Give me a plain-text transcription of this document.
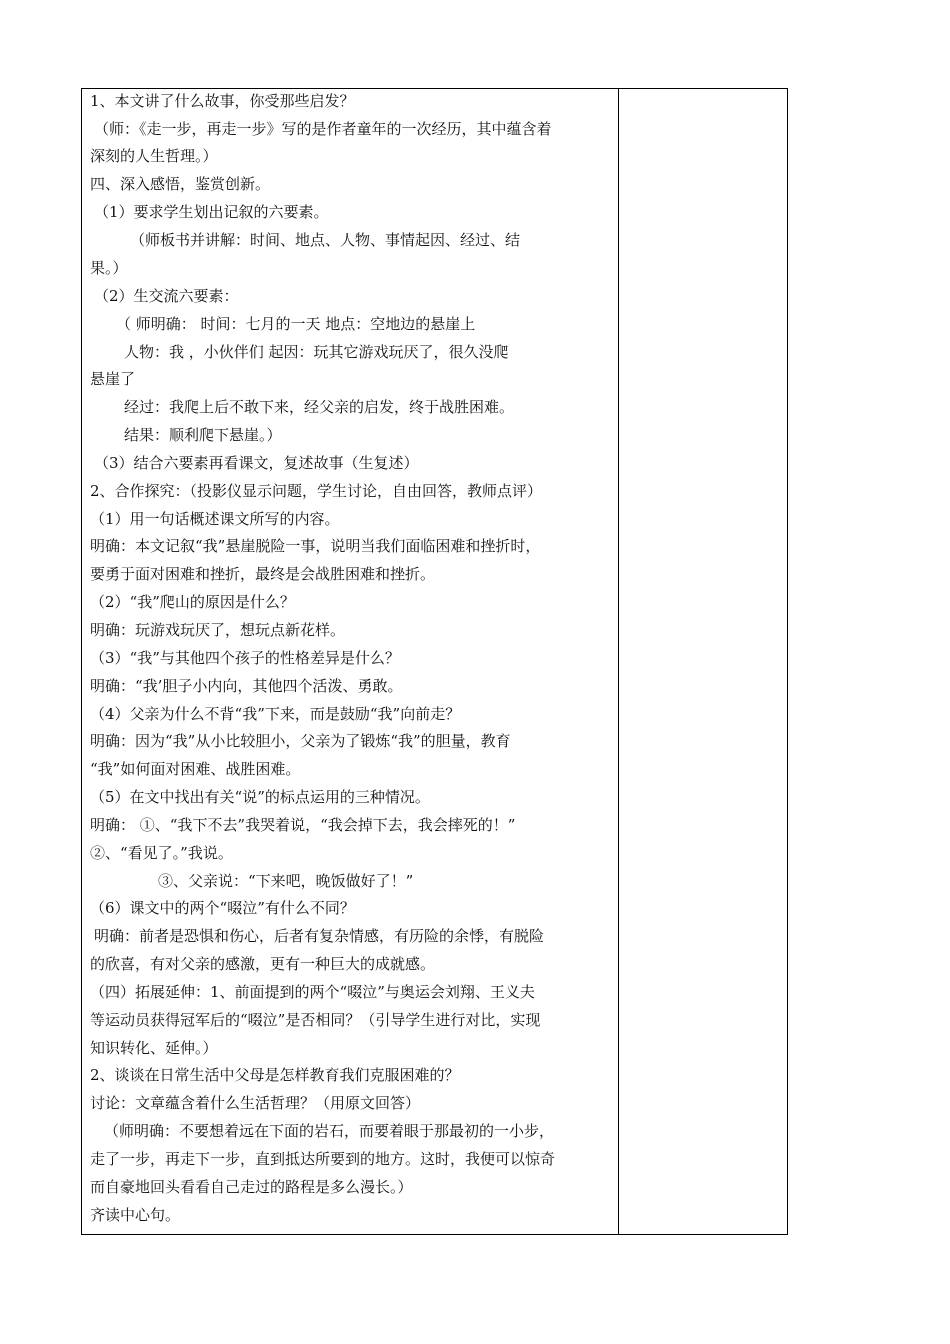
1、本文讲了什么故事，你受那些启发？
（师：《走一步，再走一步》写的是作者童年的一次经历，其中蕴含着
深刻的人生哲理。）
四、深入感悟，鉴赏创新。
（1）要求学生划出记叙的六要素。
（师板书并讲解：时间、地点、人物、事情起因、经过、结
果。）
（2）生交流六要素：
（ 师明确： 时间：七月的一天 地点：空地边的悬崖上
人物：我 ，小伙伴们 起因：玩其它游戏玩厌了，很久没爬
悬崖了
经过：我爬上后不敢下来，经父亲的启发，终于战胜困难。
结果：顺利爬下悬崖。）
（3）结合六要素再看课文，复述故事（生复述）
2、合作探究：（投影仪显示问题，学生讨论，自由回答，教师点评）
（1）用一句话概述课文所写的内容。
明确：本文记叙“我”悬崖脱险一事，说明当我们面临困难和挫折时，
要勇于面对困难和挫折，最终是会战胜困难和挫折。
（2）“我”爬山的原因是什么？
明确：玩游戏玩厌了，想玩点新花样。
（3）“我”与其他四个孩子的性格差异是什么？
明确：“我’胆子小内向，其他四个活泼、勇敢。
（4）父亲为什么不背“我”下来，而是鼓励“我”向前走？
明确：因为“我”从小比较胆小，父亲为了锻炼“我”的胆量，教育
“我”如何面对困难、战胜困难。
（5）在文中找出有关“说”的标点运用的三种情况。
明确： ①、“我下不去”我哭着说，“我会掉下去，我会摔死的！”
②、“看见了。”我说。
③、父亲说：“下来吧，晚饭做好了！”
（6）课文中的两个“啜泣”有什么不同？
明确：前者是恐惧和伤心，后者有复杂情感，有历险的余悸，有脱险
的欣喜，有对父亲的感激，更有一种巨大的成就感。
（四）拓展延伸：1、前面提到的两个“啜泣”与奥运会刘翔、王义夫
等运动员获得冠军后的“啜泣”是否相同？（引导学生进行对比，实现
知识转化、延伸。）
2、谈谈在日常生活中父母是怎样教育我们克服困难的？
讨论：文章蕴含着什么生活哲理？（用原文回答）
（师明确：不要想着远在下面的岩石，而要着眼于那最初的一小步，
走了一步，再走下一步，直到抵达所要到的地方。这时，我便可以惊奇
而自豪地回头看看自己走过的路程是多么漫长。）
齐读中心句。
